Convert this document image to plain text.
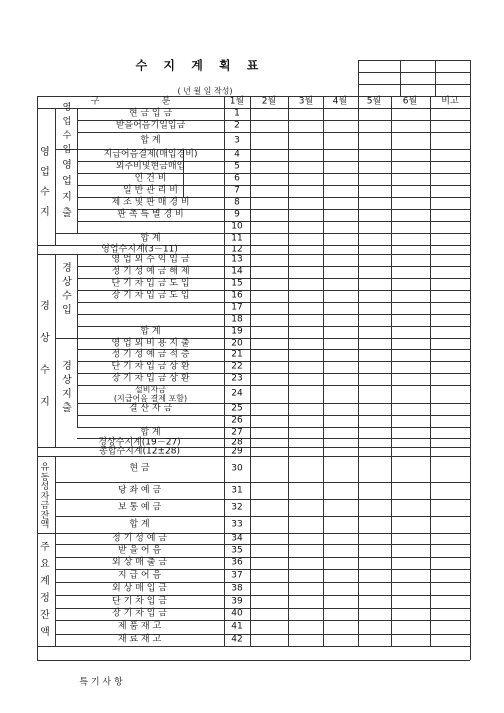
수 지 계 획 표
( 년 월 일 작성)
구	분	1월 2월	3월 4월 5월 6월	비고
영업수지
영업수입
영업지출
경상수지
경상수입
경상지출
유동성자금잔액
주요계정잔액
현 금 입 금	1
받을어음기일입금	2
합 계	3
지급어음결제(매입경비)	4
외주비및현금매입	5
인 건 비	6
일 반 관 리 비	7
제 조 및 판 매 경 비	8
판 촉 특 별 경 비	9
10
합 계	11
영업수지계(3－11)	12
영 업 외 수 익 입 금	13
정 기 성 예 금 해 제	14
단 기 차 입 금 도 입	15
장 기 차 입 금 도 입	16
17
18
합 계	19
영 업 외 비 용 지 출	20
정 기 성 예 금 적 층	21
단 기 차 입 금 상 환	22
장 기 차 입 금 상 환	23
설비자금
(지급어음 결제 포함)	24
결 산 자 금	25
26
합 계	27
경상수지계(19－27)	28
종합수지계(12±28)	29
현 금	30
당 좌 예 금	31
보 통 예 금	32
합 계	33
정 기 성 예 금	34
받 을 어 음	35
외 상 매 출 금	36
지 급 어 음	37
외 상 매 입 금	38
단 기 차 입 금	39
장 기 차 입 금	40
제 품 재 고	41
재 료 재 고	42
특 기 사 항
